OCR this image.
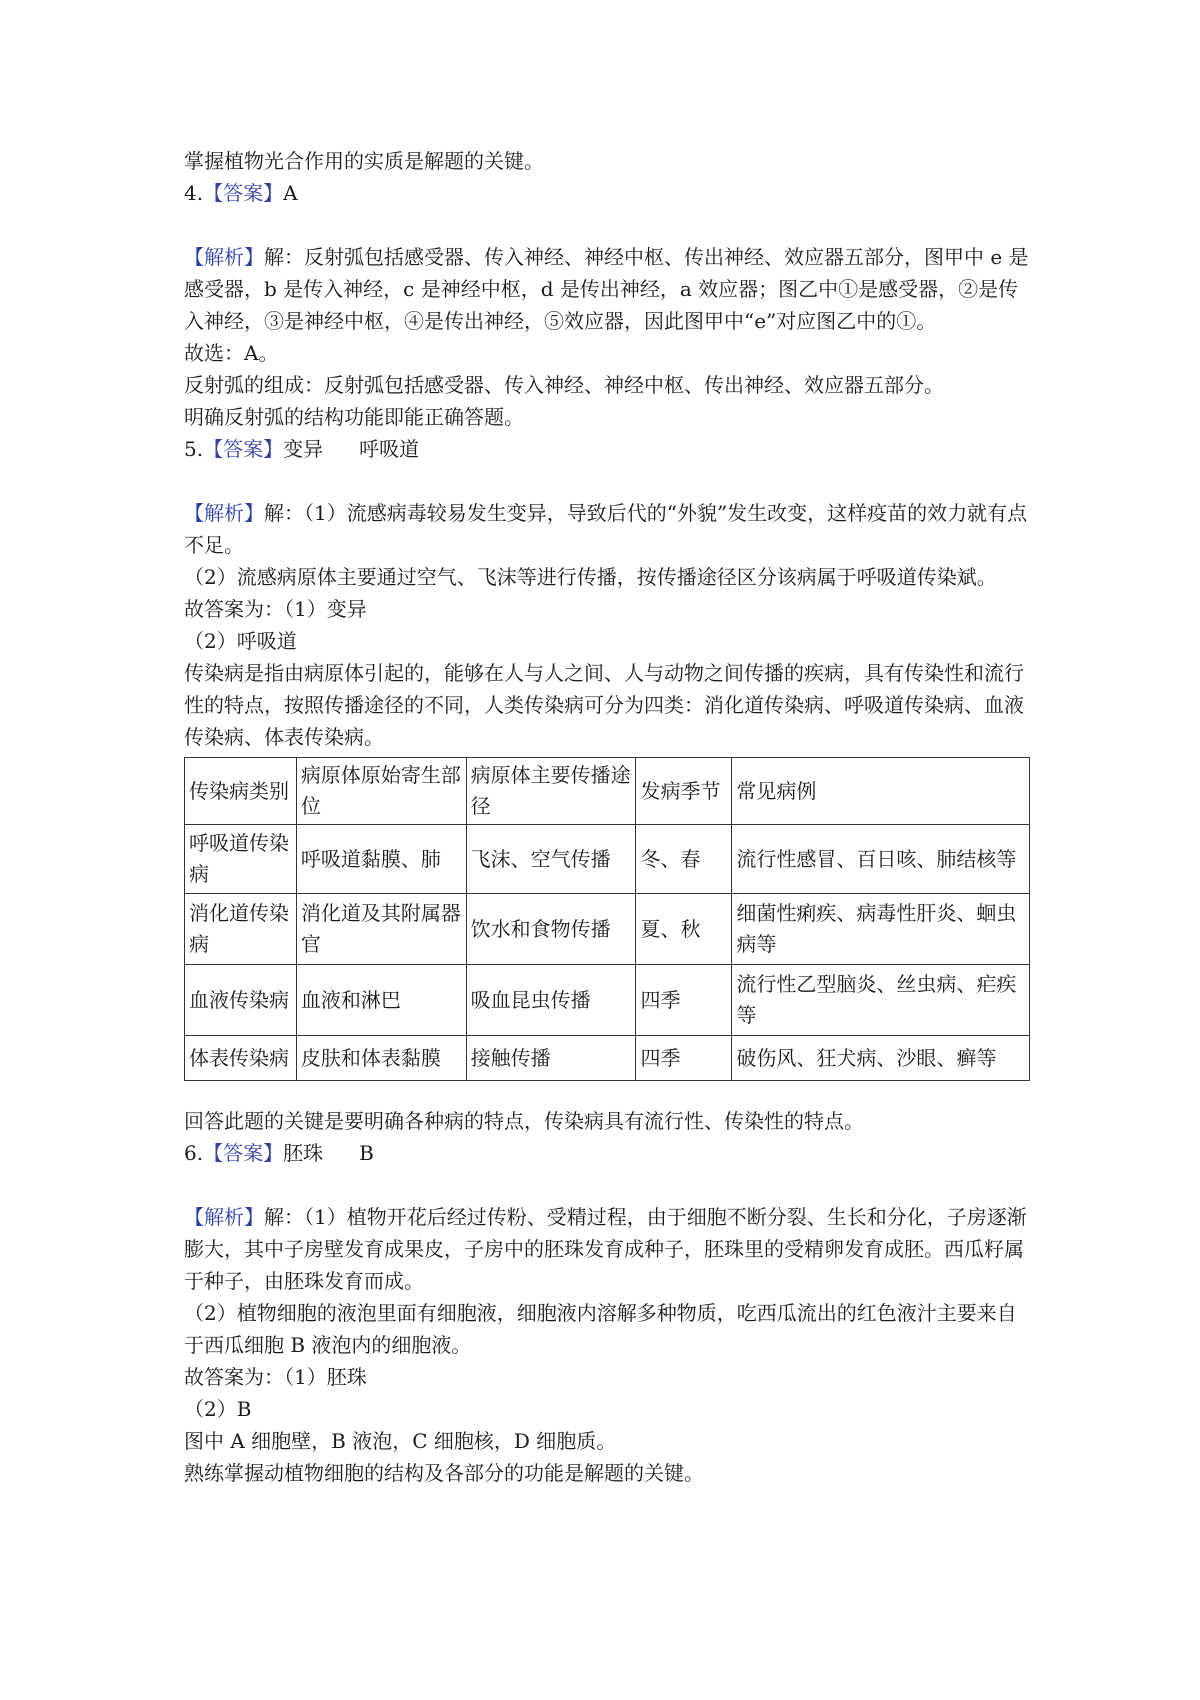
掌握植物光合作用的实质是解题的关键。

4.【答案】A

【解析】解：反射弧包括感受器、传入神经、神经中枢、传出神经、效应器五部分，图甲中 e 是感受器，b 是传入神经，c 是神经中枢，d 是传出神经，a 效应器；图乙中①是感受器，②是传入神经，③是神经中枢，④是传出神经，⑤效应器，因此图甲中“e”对应图乙中的①。

故选：A。

反射弧的组成：反射弧包括感受器、传入神经、神经中枢、传出神经、效应器五部分。

明确反射弧的结构功能即能正确答题。

5.【答案】变异 呼吸道

【解析】解：（1）流感病毒较易发生变异，导致后代的“外貌”发生改变，这样疫苗的效力就有点不足。

（2）流感病原体主要通过空气、飞沫等进行传播，按传播途径区分该病属于呼吸道传染斌。

故答案为：（1）变异

（2）呼吸道

传染病是指由病原体引起的，能够在人与人之间、人与动物之间传播的疾病，具有传染性和流行性的特点，按照传播途径的不同，人类传染病可分为四类：消化道传染病、呼吸道传染病、血液传染病、体表传染病。

传染病类别	病原体原始寄生部位	病原体主要传播途径	发病季节	常见病例
呼吸道传染病	呼吸道黏膜、肺	飞沫、空气传播	冬、春	流行性感冒、百日咳、肺结核等
消化道传染病	消化道及其附属器官	饮水和食物传播	夏、秋	细菌性痢疾、病毒性肝炎、蛔虫病等
血液传染病	血液和淋巴	吸血昆虫传播	四季	流行性乙型脑炎、丝虫病、疟疾等
体表传染病	皮肤和体表黏膜	接触传播	四季	破伤风、狂犬病、沙眼、癣等

回答此题的关键是要明确各种病的特点，传染病具有流行性、传染性的特点。

6.【答案】胚珠 B

【解析】解：（1）植物开花后经过传粉、受精过程，由于细胞不断分裂、生长和分化，子房逐渐膨大，其中子房壁发育成果皮，子房中的胚珠发育成种子，胚珠里的受精卵发育成胚。西瓜籽属于种子，由胚珠发育而成。

（2）植物细胞的液泡里面有细胞液，细胞液内溶解多种物质，吃西瓜流出的红色液汁主要来自于西瓜细胞 B 液泡内的细胞液。

故答案为：（1）胚珠

（2）B

图中 A 细胞壁，B 液泡，C 细胞核，D 细胞质。

熟练掌握动植物细胞的结构及各部分的功能是解题的关键。
